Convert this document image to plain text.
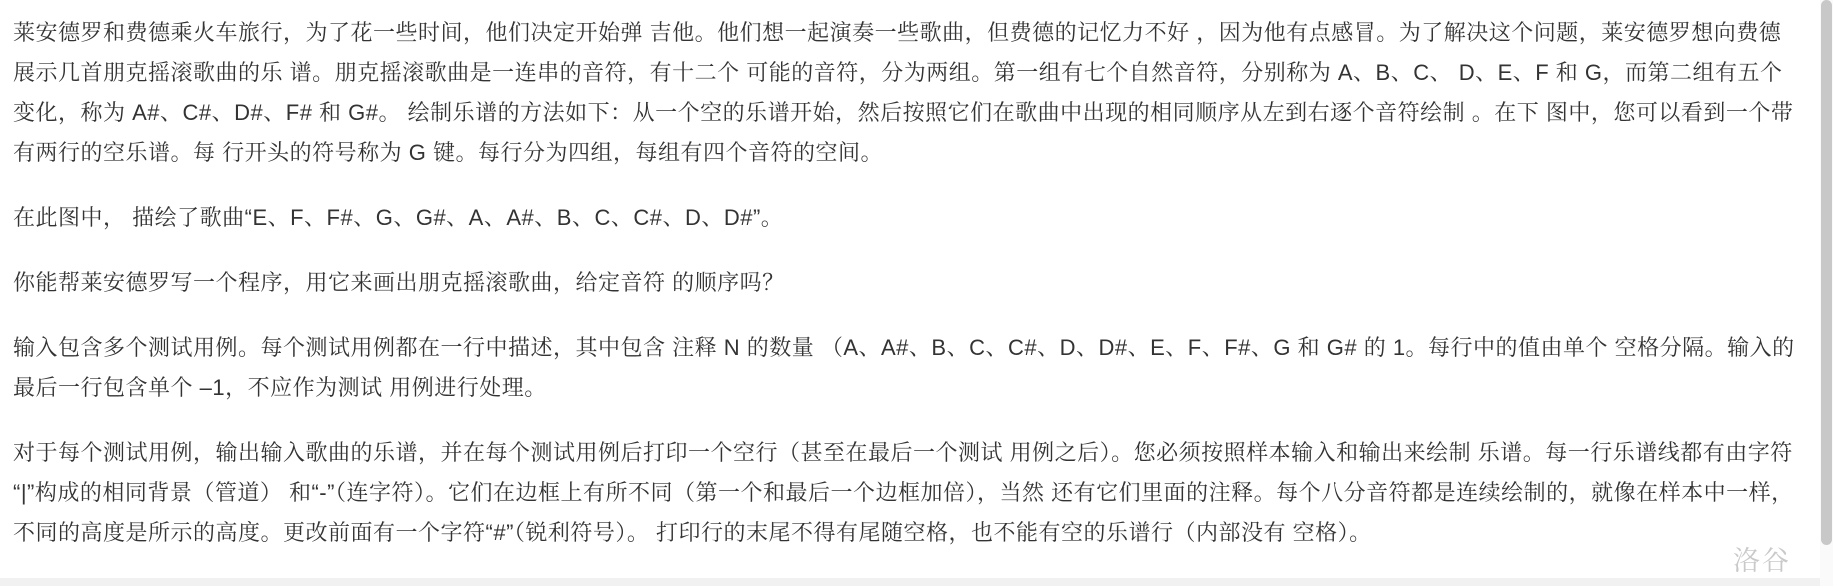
莱安德罗和费德乘火车旅行，为了花一些时间，他们决定开始弹 吉他。他们想一起演奏一些歌曲，但费德的记忆力不好 ，因为他有点感冒。为了解决这个问题，莱安德罗想向费德展示几首朋克摇滚歌曲的乐 谱。朋克摇滚歌曲是一连串的音符，有十二个 可能的音符，分为两组。第一组有七个自然音符，分别称为 A、B、C、 D、E、F 和 G，而第二组有五个变化，称为 A#、C#、D#、F# 和 G#。 绘制乐谱的方法如下：从一个空的乐谱开始，然后按照它们在歌曲中出现的相同顺序从左到右逐个音符绘制 。在下 图中，您可以看到一个带有两行的空乐谱。每 行开头的符号称为 G 键。每行分为四组，每组有四个音符的空间。

在此图中， 描绘了歌曲“E、F、F#、G、G#、A、A#、B、C、C#、D、D#”。

你能帮莱安德罗写一个程序，用它来画出朋克摇滚歌曲，给定音符 的顺序吗？

输入包含多个测试用例。每个测试用例都在一行中描述，其中包含 注释 N 的数量 （A、A#、B、C、C#、D、D#、E、F、F#、G 和 G# 的 1。每行中的值由单个 空格分隔。输入的最后一行包含单个 –1，不应作为测试 用例进行处理。

对于每个测试用例，输出输入歌曲的乐谱，并在每个测试用例后打印一个空行（甚至在最后一个测试 用例之后）。您必须按照样本输入和输出来绘制 乐谱。每一行乐谱线都有由字符“|”构成的相同背景（管道） 和“-”（连字符）。它们在边框上有所不同（第一个和最后一个边框加倍），当然 还有它们里面的注释。每个八分音符都是连续绘制的，就像在样本中一样， 不同的高度是所示的高度。更改前面有一个字符“#”（锐利符号）。 打印行的末尾不得有尾随空格，也不能有空的乐谱行（内部没有 空格）。

洛谷
